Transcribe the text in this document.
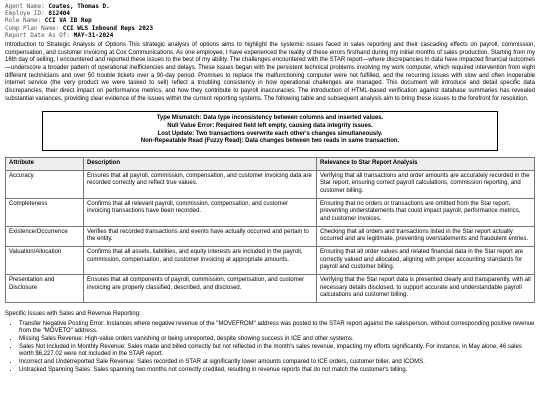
Agent Name: Coates, Thomas D.
Employe ID: 812404
Role Name: CCI VA IB Rep
Comp Plan Name: CCI WLS Inbound Reps 2023
Report Date As Of: MAY-31-2024

Introduction to Strategic Analysis of Options This strategic analysis of options aims to highlight the systemic issues faced in sales reporting and their cascading effects on payroll, commission, compensation, and customer invoicing at Cox Communications. As one employee, I have experienced the reality of these errors firsthand during my initial months of sales production. Starting from my 16th day of selling, I encountered and reported these issues to the best of my ability. The challenges encountered with the STAR report—where discrepancies in data have impacted financial outcomes—underscore a broader pattern of operational inefficiencies and delays. These issues began with the persistent technical problems involving my work computer, which required intervention from eight different technicians and over 50 trouble tickets over a 90-day period. Promises to replace the malfunctioning computer were not fulfilled, and the recurring issues with slow and often inoperable internet service (the very product we were tasked to sell) reflect a troubling consistency in how operational challenges are managed. This document will introduce and detail specific data discrepancies, their direct impact on performance metrics, and how they contribute to payroll inaccuracies. The introduction of HTML-based verification against database summaries has revealed substantial variances, providing clear evidence of the issues within the current reporting systems. The following table and subsequent analysis aim to bring these issues to the forefront for resolution.

Type Mismatch: Data type inconsistency between columns and inserted values.
Null Value Error: Required field left empty, causing data integrity issues.
Lost Update: Two transactions overwrite each other's changes simultaneously.
Non-Repeatable Read (Fuzzy Read): Data changes between two reads in same transaction.
Attribute	Description	Relevance to Star Report Analysis
Accuracy	Ensures that all payroll, commission, compensation, and customer invoicing data are recorded correctly and reflect true values.	Verifying that all transactions and order amounts are accurately recorded in the Star report, ensuring correct payroll calculations, commission reporting, and customer billing.
Completeness	Confirms that all relevant payroll, commission, compensation, and customer invoicing transactions have been recorded.	Ensuring that no orders or transactions are omitted from the Star report, preventing understatements that could impact payroll, performance metrics, and customer invoices.
Existence/Occurrence	Verifies that recorded transactions and events have actually occurred and pertain to the entity.	Checking that all orders and transactions listed in the Star report actually occurred and are legitimate, preventing overstatements and fraudulent entries.
Valuation/Allocation	Confirms that all assets, liabilities, and equity interests are included in the payroll, commission, compensation, and customer invoicing at appropriate amounts.	Ensuring that all order values and related financial data in the Star report are correctly valued and allocated, aligning with proper accounting standards for payroll and customer billing.
Presentation and Disclosure	Ensures that all components of payroll, commission, compensation, and customer invoicing are properly classified, described, and disclosed.	Verifying that the Star report data is presented clearly and transparently, with all necessary details disclosed, to support accurate and understandable payroll calculations and customer billing.
Specific Issues with Sales and Revenue Reporting:
• Transfer Negative Posting Error: Instances where negative revenue of the "MOVEFROM" address was posted to the STAR report against the salesperson, without corresponding positive revenue from the "MOVETO" address.
• Missing Sales Revenue: High-value orders vanishing or being unreported, despite showing success in ICE and other systems.
• Sales Not Included in Monthly Revenue: Sales made and billed correctly but not reflected in the month's sales revenue, impacting my efforts significantly. For instance, in May alone, 46 sales worth $6,227.02 were not included in the STAR report.
• Incorrect and Underreported Sale Revenue: Sales recorded in STAR at significantly lower amounts compared to ICE orders, customer biller, and ICOMS.
• Untracked Spanning Sales: Sales spanning two months not correctly credited, resulting in revenue reports that do not match the customer's billing.
